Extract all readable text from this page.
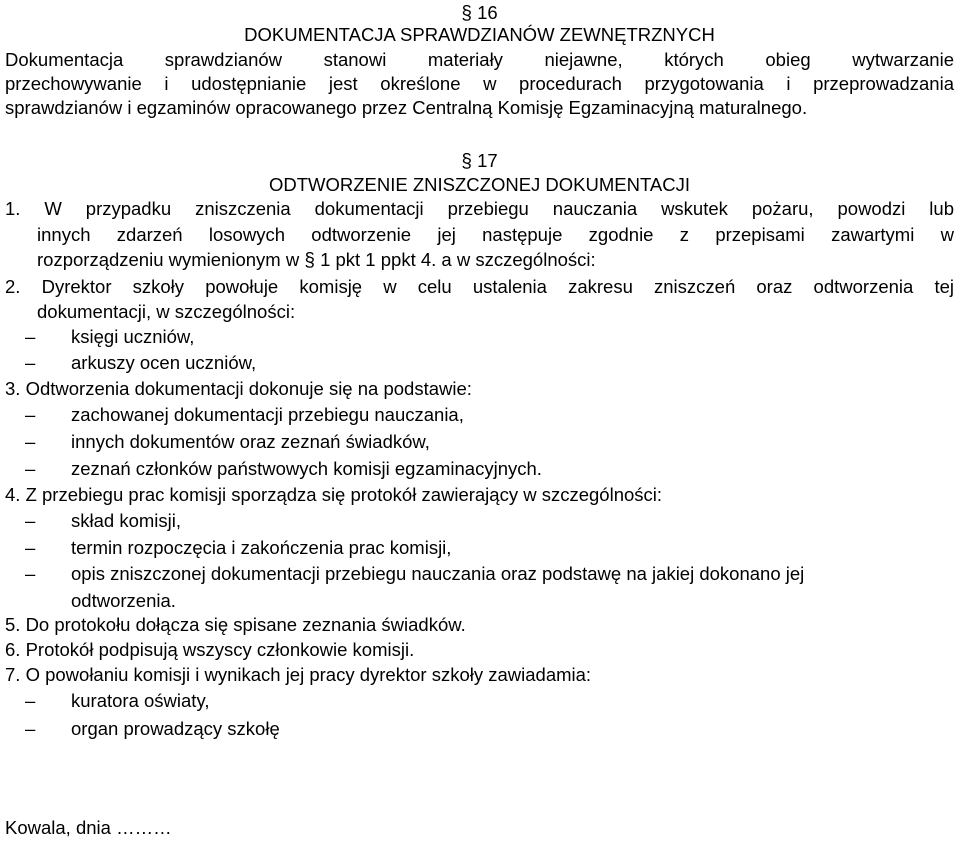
§ 16
DOKUMENTACJA SPRAWDZIANÓW ZEWNĘTRZNYCH
Dokumentacja sprawdzianów stanowi materiały niejawne, których obieg wytwarzanie
przechowywanie i udostępnianie jest określone w procedurach przygotowania i przeprowadzania
sprawdzianów i egzaminów opracowanego przez Centralną Komisję Egzaminacyjną maturalnego.
§ 17
ODTWORZENIE ZNISZCZONEJ DOKUMENTACJI
1. W przypadku zniszczenia dokumentacji przebiegu nauczania wskutek pożaru, powodzi lub
innych zdarzeń losowych odtworzenie jej następuje zgodnie z przepisami zawartymi w
rozporządzeniu wymienionym w § 1 pkt 1 ppkt 4. a w szczególności:
2. Dyrektor szkoły powołuje komisję w celu ustalenia zakresu zniszczeń oraz odtworzenia tej
dokumentacji, w szczególności:
– księgi uczniów,
– arkuszy ocen uczniów,
3. Odtworzenia dokumentacji dokonuje się na podstawie:
– zachowanej dokumentacji przebiegu nauczania,
– innych dokumentów oraz zeznań świadków,
– zeznań członków państwowych komisji egzaminacyjnych.
4. Z przebiegu prac komisji sporządza się protokół zawierający w szczególności:
– skład komisji,
– termin rozpoczęcia i zakończenia prac komisji,
– opis zniszczonej dokumentacji przebiegu nauczania oraz podstawę na jakiej dokonano jej
odtworzenia.
5. Do protokołu dołącza się spisane zeznania świadków.
6. Protokół podpisują wszyscy członkowie komisji.
7. O powołaniu komisji i wynikach jej pracy dyrektor szkoły zawiadamia:
– kuratora oświaty,
– organ prowadzący szkołę
Kowala, dnia ………
